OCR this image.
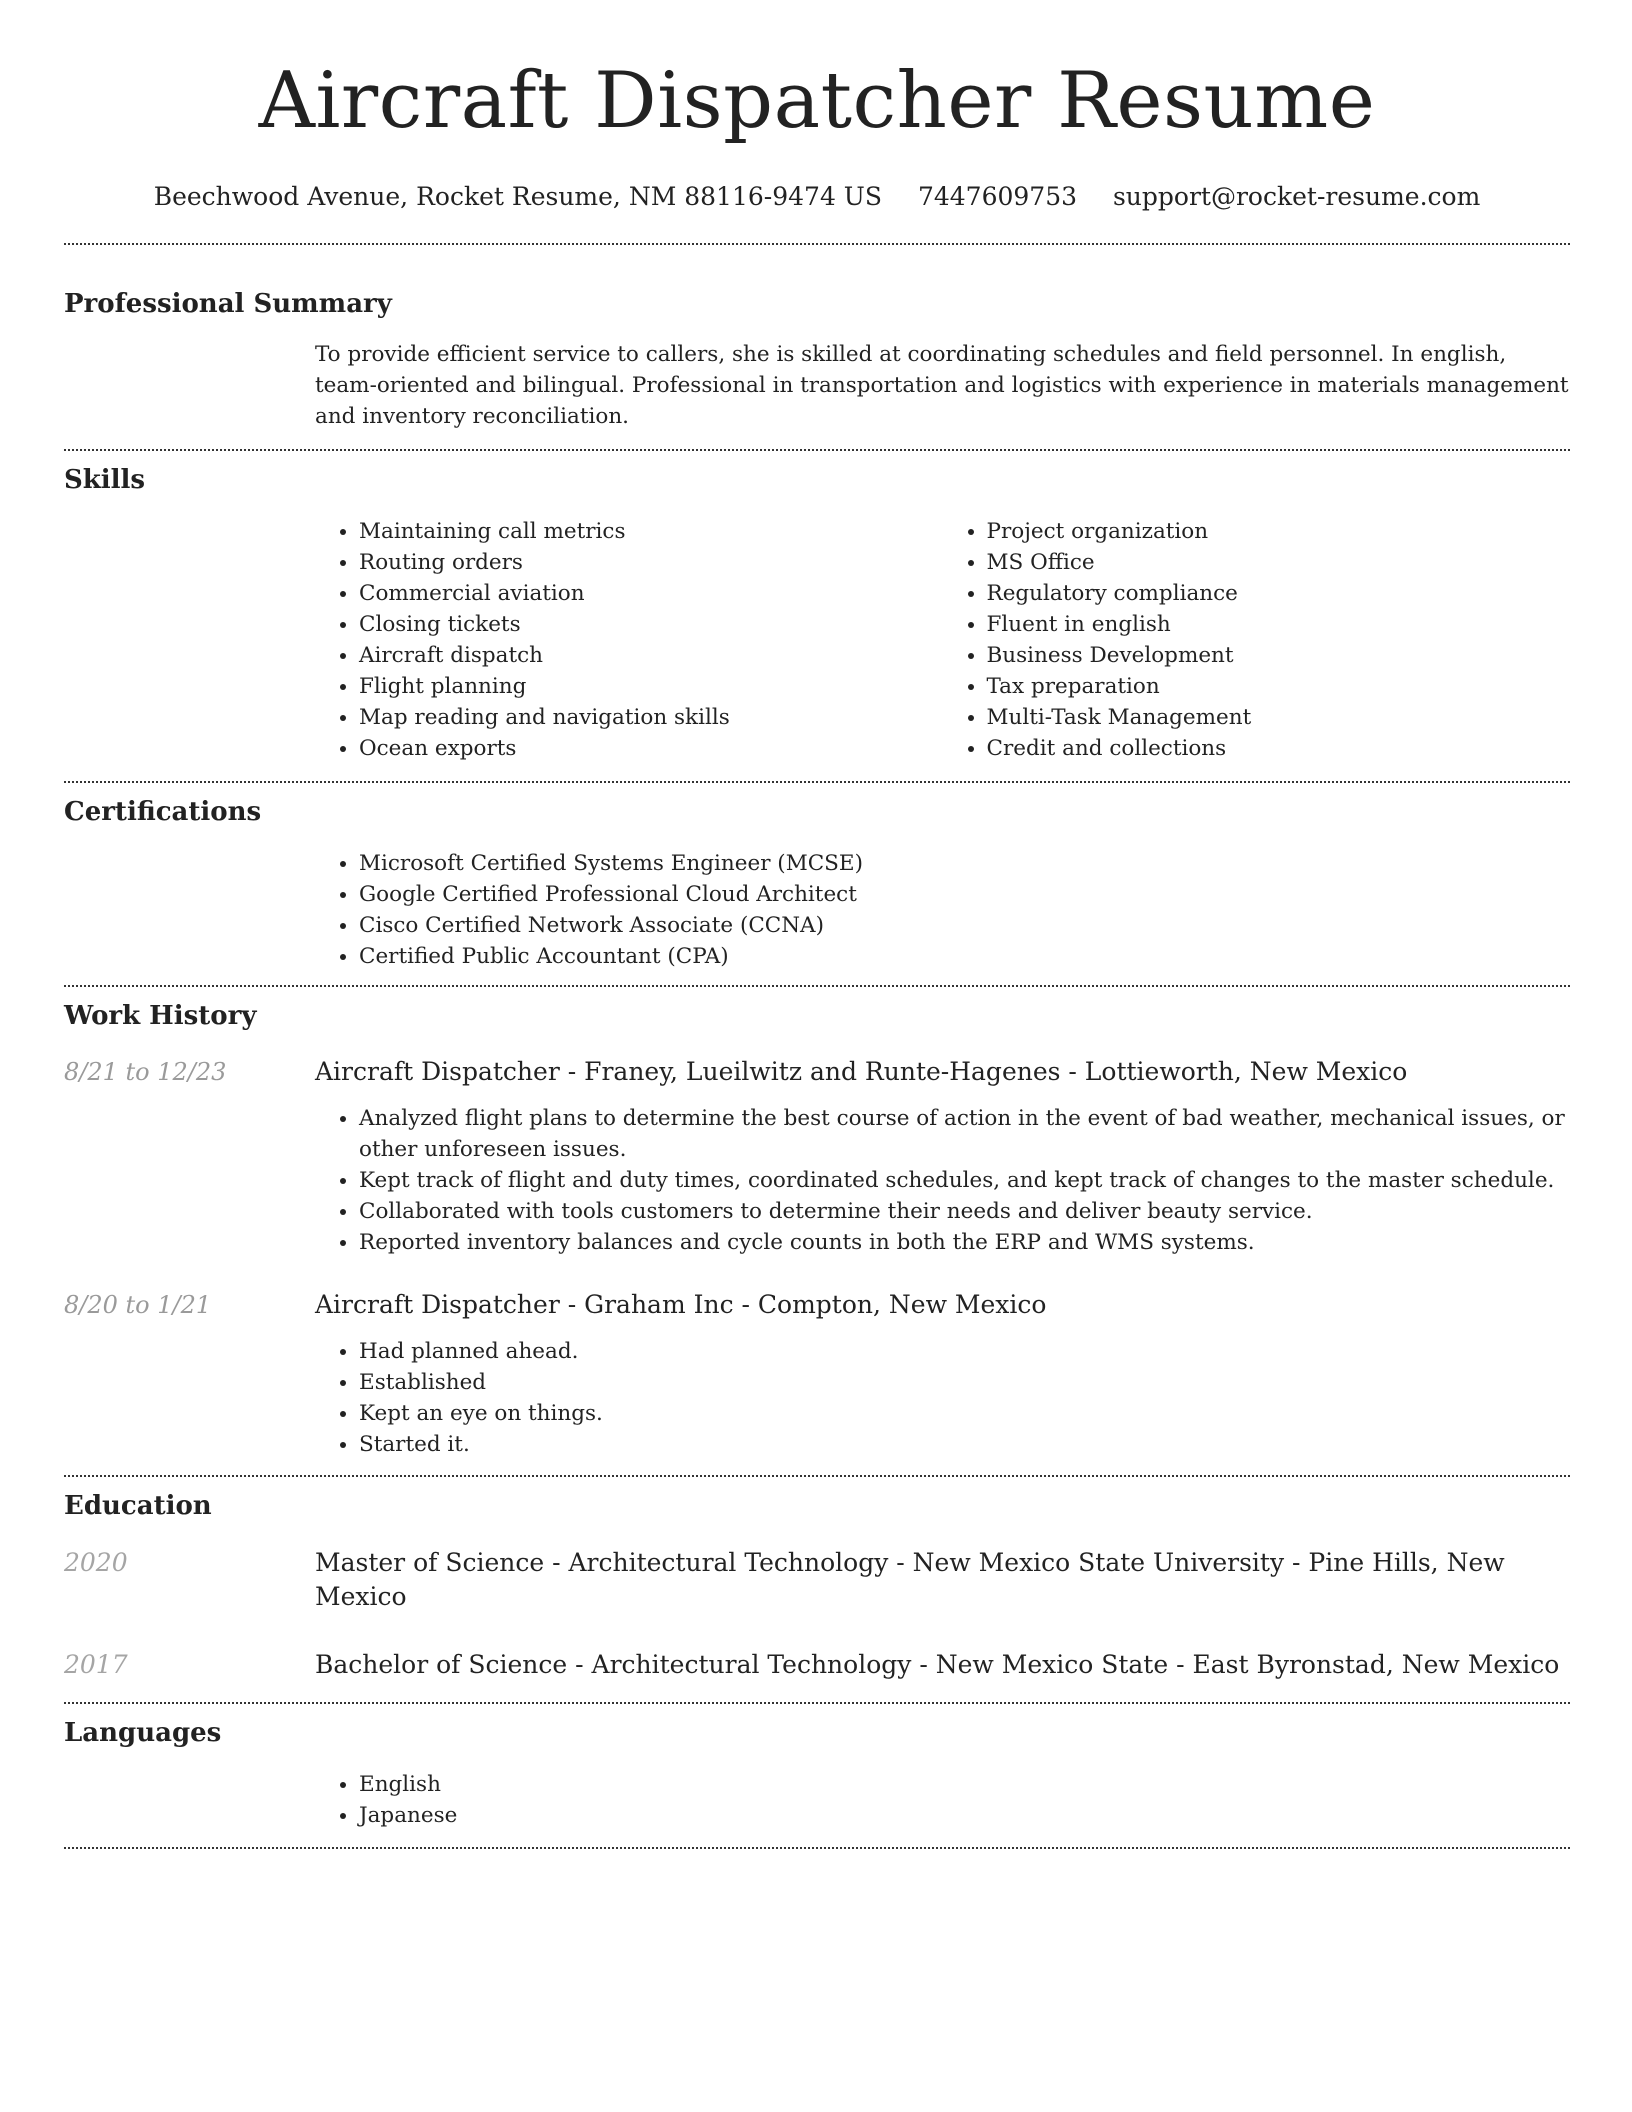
Aircraft Dispatcher Resume
Beechwood Avenue, Rocket Resume, NM 88116-9474 US 7447609753 support@rocket-resume.com
Professional Summary

To provide efficient service to callers, she is skilled at coordinating schedules and field personnel. In english, team-oriented and bilingual. Professional in transportation and logistics with experience in materials management and inventory reconciliation.

Skills
• Maintaining call metrics
• Routing orders
• Commercial aviation
• Closing tickets
• Aircraft dispatch
• Flight planning
• Map reading and navigation skills
• Ocean exports
• Project organization
• MS Office
• Regulatory compliance
• Fluent in english
• Business Development
• Tax preparation
• Multi-Task Management
• Credit and collections
Certifications
• Microsoft Certified Systems Engineer (MCSE)
• Google Certified Professional Cloud Architect
• Cisco Certified Network Associate (CCNA)
• Certified Public Accountant (CPA)
Work History
8/21 to 12/23	Aircraft Dispatcher - Franey, Lueilwitz and Runte-Hagenes - Lottieworth, New Mexico
• Analyzed flight plans to determine the best course of action in the event of bad weather, mechanical issues, or other unforeseen issues.
• Kept track of flight and duty times, coordinated schedules, and kept track of changes to the master schedule.
• Collaborated with tools customers to determine their needs and deliver beauty service.
• Reported inventory balances and cycle counts in both the ERP and WMS systems.
8/20 to 1/21	Aircraft Dispatcher - Graham Inc - Compton, New Mexico
• Had planned ahead.
• Established
• Kept an eye on things.
• Started it.
Education
2020	Master of Science - Architectural Technology - New Mexico State University - Pine Hills, New Mexico
2017	Bachelor of Science - Architectural Technology - New Mexico State - East Byronstad, New Mexico
Languages
• English
• Japanese
